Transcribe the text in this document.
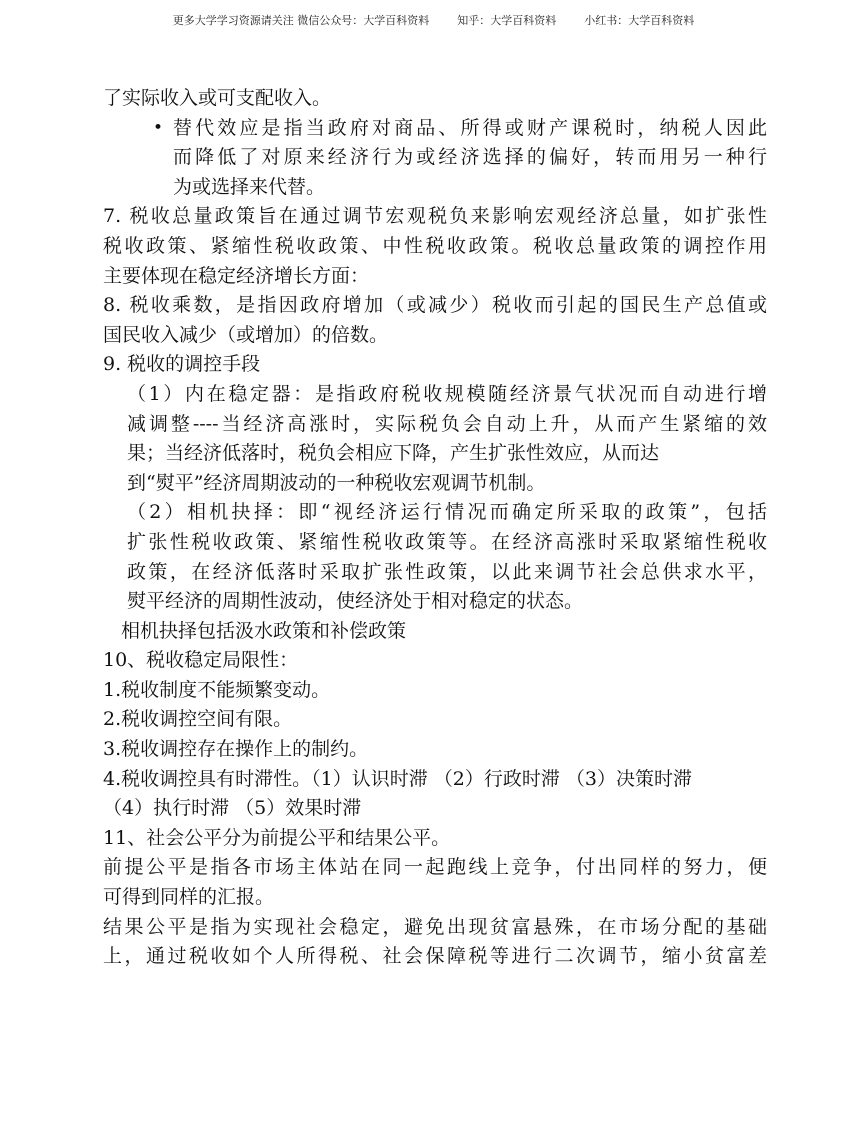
更多大学学习资源请关注 微信公众号：大学百科资料        知乎：大学百科资料        小红书：大学百科资料
了实际收入或可支配收入。
• 替代效应是指当政府对商品、所得或财产课税时，纳税人因此
而降低了对原来经济行为或经济选择的偏好，转而用另一种行
为或选择来代替。
7. 税收总量政策旨在通过调节宏观税负来影响宏观经济总量，如扩张性
税收政策、紧缩性税收政策、中性税收政策。税收总量政策的调控作用
主要体现在稳定经济增长方面：
8. 税收乘数，是指因政府增加（或减少）税收而引起的国民生产总值或
国民收入减少（或增加）的倍数。
9. 税收的调控手段
（1）内在稳定器：是指政府税收规模随经济景气状况而自动进行增
减调整----当经济高涨时，实际税负会自动上升，从而产生紧缩的效
果；当经济低落时，税负会相应下降，产生扩张性效应，从而达
到“熨平”经济周期波动的一种税收宏观调节机制。
（2）相机抉择：即“视经济运行情况而确定所采取的政策”，包括
扩张性税收政策、紧缩性税收政策等。在经济高涨时采取紧缩性税收
政策，在经济低落时采取扩张性政策，以此来调节社会总供求水平，
熨平经济的周期性波动，使经济处于相对稳定的状态。
相机抉择包括汲水政策和补偿政策
10、税收稳定局限性：
1.税收制度不能频繁变动。
2.税收调控空间有限。
3.税收调控存在操作上的制约。
4.税收调控具有时滞性。（1）认识时滞 （2）行政时滞 （3）决策时滞
（4）执行时滞 （5）效果时滞
11、社会公平分为前提公平和结果公平。
前提公平是指各市场主体站在同一起跑线上竞争，付出同样的努力，便
可得到同样的汇报。
结果公平是指为实现社会稳定，避免出现贫富悬殊，在市场分配的基础
上，通过税收如个人所得税、社会保障税等进行二次调节，缩小贫富差
